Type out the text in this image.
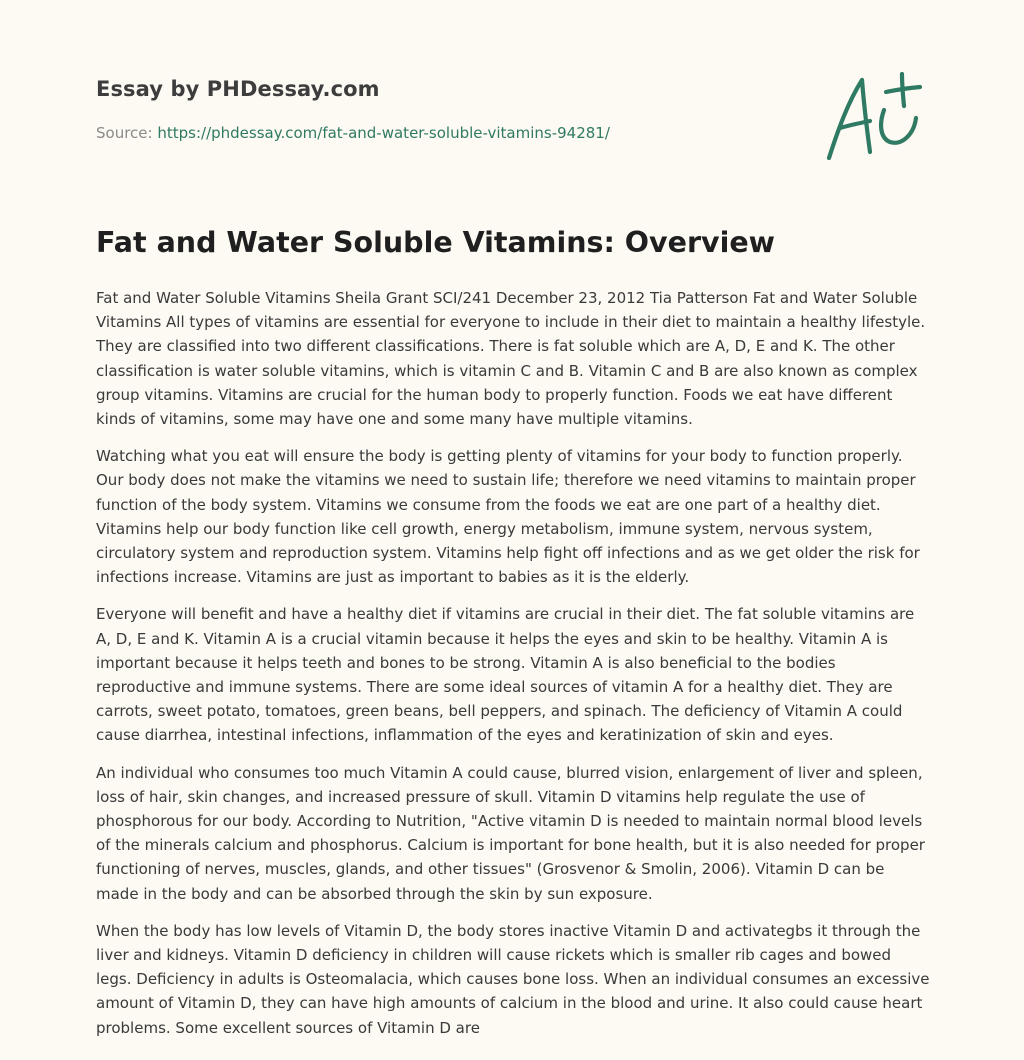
Essay by PHDessay.com
Source: https://phdessay.com/fat-and-water-soluble-vitamins-94281/
Fat and Water Soluble Vitamins: Overview

Fat and Water Soluble Vitamins Sheila Grant SCI/241 December 23, 2012 Tia Patterson Fat and Water Soluble Vitamins All types of vitamins are essential for everyone to include in their diet to maintain a healthy lifestyle. They are classified into two different classifications. There is fat soluble which are A, D, E and K. The other classification is water soluble vitamins, which is vitamin C and B. Vitamin C and B are also known as complex group vitamins. Vitamins are crucial for the human body to properly function. Foods we eat have different kinds of vitamins, some may have one and some many have multiple vitamins.

Watching what you eat will ensure the body is getting plenty of vitamins for your body to function properly. Our body does not make the vitamins we need to sustain life; therefore we need vitamins to maintain proper function of the body system. Vitamins we consume from the foods we eat are one part of a healthy diet. Vitamins help our body function like cell growth, energy metabolism, immune system, nervous system, circulatory system and reproduction system. Vitamins help fight off infections and as we get older the risk for infections increase. Vitamins are just as important to babies as it is the elderly.

Everyone will benefit and have a healthy diet if vitamins are crucial in their diet. The fat soluble vitamins are A, D, E and K. Vitamin A is a crucial vitamin because it helps the eyes and skin to be healthy. Vitamin A is important because it helps teeth and bones to be strong. Vitamin A is also beneficial to the bodies reproductive and immune systems. There are some ideal sources of vitamin A for a healthy diet. They are carrots, sweet potato, tomatoes, green beans, bell peppers, and spinach. The deficiency of Vitamin A could cause diarrhea, intestinal infections, inflammation of the eyes and keratinization of skin and eyes.

An individual who consumes too much Vitamin A could cause, blurred vision, enlargement of liver and spleen, loss of hair, skin changes, and increased pressure of skull. Vitamin D vitamins help regulate the use of phosphorous for our body. According to Nutrition, "Active vitamin D is needed to maintain normal blood levels of the minerals calcium and phosphorus. Calcium is important for bone health, but it is also needed for proper functioning of nerves, muscles, glands, and other tissues" (Grosvenor & Smolin, 2006). Vitamin D can be made in the body and can be absorbed through the skin by sun exposure.

When the body has low levels of Vitamin D, the body stores inactive Vitamin D and activategbs it through the liver and kidneys. Vitamin D deficiency in children will cause rickets which is smaller rib cages and bowed legs. Deficiency in adults is Osteomalacia, which causes bone loss. When an individual consumes an excessive amount of Vitamin D, they can have high amounts of calcium in the blood and urine. It also could cause heart problems. Some excellent sources of Vitamin D are
